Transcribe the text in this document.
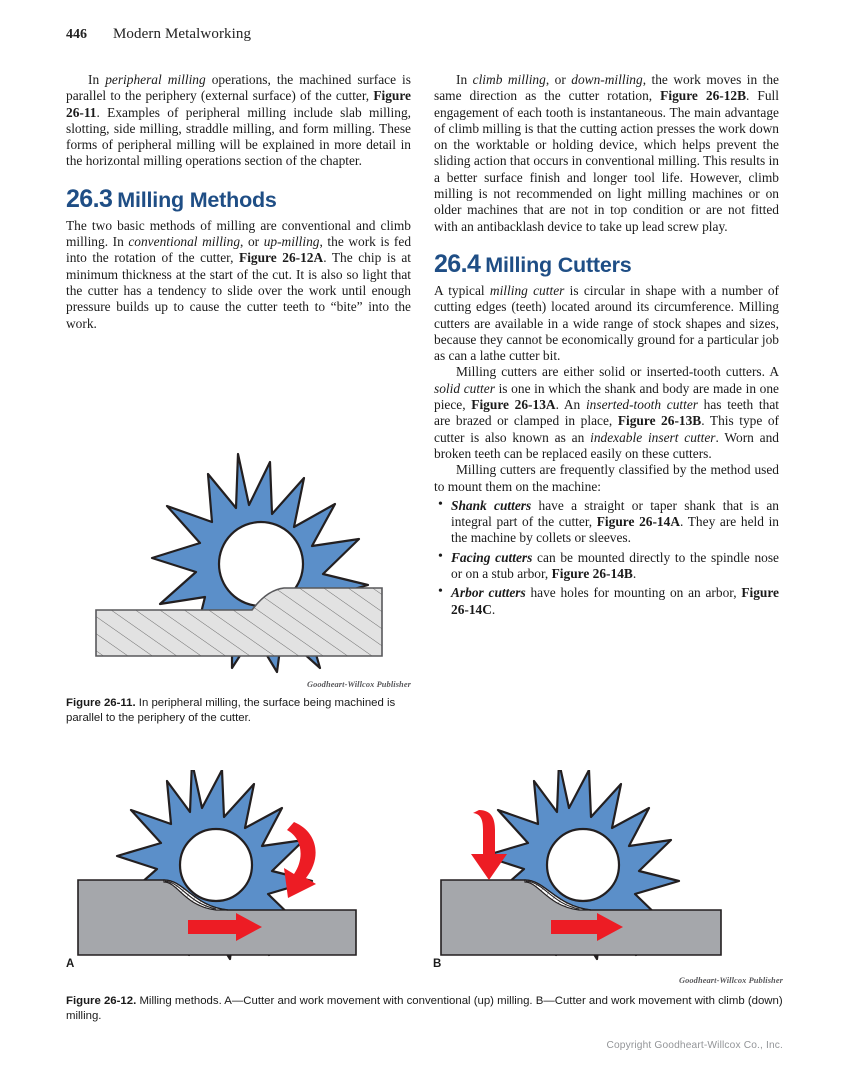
446 Modern Metalworking

In peripheral milling operations, the machined surface is parallel to the periphery (external surface) of the cutter, Figure 26-11. Examples of peripheral milling include slab milling, slotting, side milling, straddle milling, and form milling. These forms of peripheral milling will be explained in more detail in the horizontal milling operations section of the chapter.

26.3 Milling Methods

The two basic methods of milling are conventional and climb milling. In conventional milling, or up-milling, the work is fed into the rotation of the cutter, Figure 26-12A. The chip is at minimum thickness at the start of the cut. It is also so light that the cutter has a tendency to slide over the work until enough pressure builds up to cause the cutter teeth to “bite” into the work.

In climb milling, or down-milling, the work moves in the same direction as the cutter rotation, Figure 26-12B. Full engagement of each tooth is instantaneous. The main advantage of climb milling is that the cutting action presses the work down on the worktable or holding device, which helps prevent the sliding action that occurs in conventional milling. This results in a better surface finish and longer tool life. However, climb milling is not recommended on light milling machines or on older machines that are not in top condition or are not fitted with an antibacklash device to take up lead screw play.

26.4 Milling Cutters

A typical milling cutter is circular in shape with a number of cutting edges (teeth) located around its circumference. Milling cutters are available in a wide range of stock shapes and sizes, because they cannot be economically ground for a particular job as can a lathe cutter bit.

Milling cutters are either solid or inserted-tooth cutters. A solid cutter is one in which the shank and body are made in one piece, Figure 26-13A. An inserted-tooth cutter has teeth that are brazed or clamped in place, Figure 26-13B. This type of cutter is also known as an indexable insert cutter. Worn and broken teeth can be replaced easily on these cutters.

Milling cutters are frequently classified by the method used to mount them on the machine:

• Shank cutters have a straight or taper shank that is an integral part of the cutter, Figure 26-14A. They are held in the machine by collets or sleeves.
• Facing cutters can be mounted directly to the spindle nose or on a stub arbor, Figure 26-14B.
• Arbor cutters have holes for mounting on an arbor, Figure 26-14C.
Goodheart-Willcox Publisher
Figure 26-11. In peripheral milling, the surface being machined is parallel to the periphery of the cutter.
A	B
Goodheart-Willcox Publisher
Figure 26-12. Milling methods. A—Cutter and work movement with conventional (up) milling. B—Cutter and work movement with climb (down) milling.
Copyright Goodheart-Willcox Co., Inc.
